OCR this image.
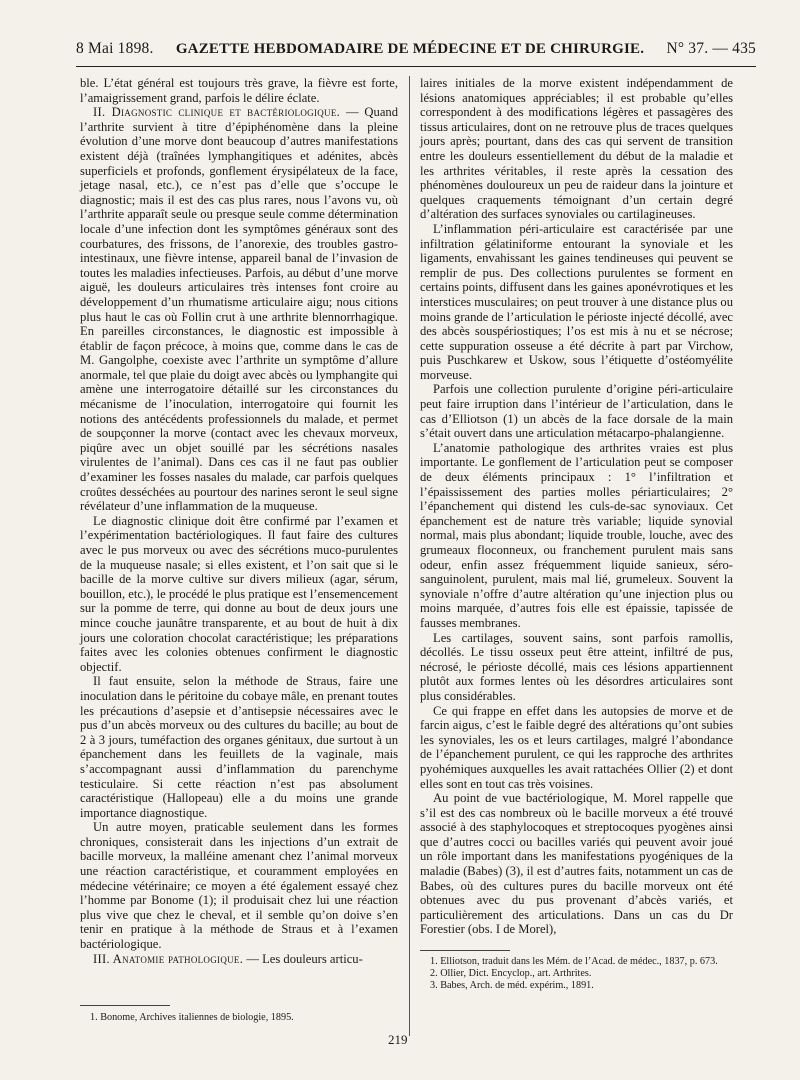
8 Mai 1898. GAZETTE HEBDOMADAIRE DE MÉDECINE ET DE CHIRURGIE. N° 37. — 435

ble. L’état général est toujours très grave, la fièvre est forte, l’amaigrissement grand, parfois le délire éclate.

II. Diagnostic clinique et bactériologique. — Quand l’arthrite survient à titre d’épiphénomène dans la pleine évolution d’une morve dont beaucoup d’autres manifestations existent déjà (traînées lymphangitiques et adénites, abcès superficiels et profonds, gonflement érysipélateux de la face, jetage nasal, etc.), ce n’est pas d’elle que s’occupe le diagnostic; mais il est des cas plus rares, nous l’avons vu, où l’arthrite apparaît seule ou presque seule comme détermination locale d’une infection dont les symptômes généraux sont des courbatures, des frissons, de l’anorexie, des troubles gastro-intestinaux, une fièvre intense, appareil banal de l’invasion de toutes les maladies infectieuses. Parfois, au début d’une morve aiguë, les douleurs articulaires très intenses font croire au développement d’un rhumatisme articulaire aigu; nous citions plus haut le cas où Follin crut à une arthrite blennorrhagique. En pareilles circonstances, le diagnostic est impossible à établir de façon précoce, à moins que, comme dans le cas de M. Gangolphe, coexiste avec l’arthrite un symptôme d’allure anormale, tel que plaie du doigt avec abcès ou lymphangite qui amène une interrogatoire détaillé sur les circonstances du mécanisme de l’inoculation, interrogatoire qui fournit les notions des antécédents professionnels du malade, et permet de soupçonner la morve (contact avec les chevaux morveux, piqûre avec un objet souillé par les sécrétions nasales virulentes de l’animal). Dans ces cas il ne faut pas oublier d’examiner les fosses nasales du malade, car parfois quelques croûtes desséchées au pourtour des narines seront le seul signe révélateur d’une inflammation de la muqueuse.

Le diagnostic clinique doit être confirmé par l’examen et l’expérimentation bactériologiques. Il faut faire des cultures avec le pus morveux ou avec des sécrétions muco-purulentes de la muqueuse nasale; si elles existent, et l’on sait que si le bacille de la morve cultive sur divers milieux (agar, sérum, bouillon, etc.), le procédé le plus pratique est l’ensemencement sur la pomme de terre, qui donne au bout de deux jours une mince couche jaunâtre transparente, et au bout de huit à dix jours une coloration chocolat caractéristique; les préparations faites avec les colonies obtenues confirment le diagnostic objectif.

Il faut ensuite, selon la méthode de Straus, faire une inoculation dans le péritoine du cobaye mâle, en prenant toutes les précautions d’asepsie et d’antisepsie nécessaires avec le pus d’un abcès morveux ou des cultures du bacille; au bout de 2 à 3 jours, tuméfaction des organes génitaux, due surtout à un épanchement dans les feuillets de la vaginale, mais s’accompagnant aussi d’inflammation du parenchyme testiculaire. Si cette réaction n’est pas absolument caractéristique (Hallopeau) elle a du moins une grande importance diagnostique.

Un autre moyen, praticable seulement dans les formes chroniques, consisterait dans les injections d’un extrait de bacille morveux, la malléine amenant chez l’animal morveux une réaction caractéristique, et couramment employées en médecine vétérinaire; ce moyen a été également essayé chez l’homme par Bonome (1); il produisait chez lui une réaction plus vive que chez le cheval, et il semble qu’on doive s’en tenir en pratique à la méthode de Straus et à l’examen bactériologique.

III. Anatomie pathologique. — Les douleurs articu-

laires initiales de la morve existent indépendamment de lésions anatomiques appréciables; il est probable qu’elles correspondent à des modifications légères et passagères des tissus articulaires, dont on ne retrouve plus de traces quelques jours après; pourtant, dans des cas qui servent de transition entre les douleurs essentiellement du début de la maladie et les arthrites véritables, il reste après la cessation des phénomènes douloureux un peu de raideur dans la jointure et quelques craquements témoignant d’un certain degré d’altération des surfaces synoviales ou cartilagineuses.

L’inflammation péri-articulaire est caractérisée par une infiltration gélatiniforme entourant la synoviale et les ligaments, envahissant les gaines tendineuses qui peuvent se remplir de pus. Des collections purulentes se forment en certains points, diffusent dans les gaines aponévrotiques et les interstices musculaires; on peut trouver à une distance plus ou moins grande de l’articulation le périoste injecté décollé, avec des abcès souspériostiques; l’os est mis à nu et se nécrose; cette suppuration osseuse a été décrite à part par Virchow, puis Puschkarew et Uskow, sous l’étiquette d’ostéomyélite morveuse.

Parfois une collection purulente d’origine péri-articulaire peut faire irruption dans l’intérieur de l’articulation, dans le cas d’Elliotson (1) un abcès de la face dorsale de la main s’était ouvert dans une articulation métacarpo-phalangienne.

L’anatomie pathologique des arthrites vraies est plus importante. Le gonflement de l’articulation peut se composer de deux éléments principaux : 1° l’infiltration et l’épaississement des parties molles périarticulaires; 2° l’épanchement qui distend les culs-de-sac synoviaux. Cet épanchement est de nature très variable; liquide synovial normal, mais plus abondant; liquide trouble, louche, avec des grumeaux floconneux, ou franchement purulent mais sans odeur, enfin assez fréquemment liquide sanieux, séro-sanguinolent, purulent, mais mal lié, grumeleux. Souvent la synoviale n’offre d’autre altération qu’une injection plus ou moins marquée, d’autres fois elle est épaissie, tapissée de fausses membranes.

Les cartilages, souvent sains, sont parfois ramollis, décollés. Le tissu osseux peut être atteint, infiltré de pus, nécrosé, le périoste décollé, mais ces lésions appartiennent plutôt aux formes lentes où les désordres articulaires sont plus considérables.

Ce qui frappe en effet dans les autopsies de morve et de farcin aigus, c’est le faible degré des altérations qu’ont subies les synoviales, les os et leurs cartilages, malgré l’abondance de l’épanchement purulent, ce qui les rapproche des arthrites pyohémiques auxquelles les avait rattachées Ollier (2) et dont elles sont en tout cas très voisines.

Au point de vue bactériologique, M. Morel rappelle que s’il est des cas nombreux où le bacille morveux a été trouvé associé à des staphylocoques et streptocoques pyogènes ainsi que d’autres cocci ou bacilles variés qui peuvent avoir joué un rôle important dans les manifestations pyogéniques de la maladie (Babes) (3), il est d’autres faits, notamment un cas de Babes, où des cultures pures du bacille morveux ont été obtenues avec du pus provenant d’abcès variés, et particulièrement des articulations. Dans un cas du Dr Forestier (obs. I de Morel),

1. Bonome, Archives italiennes de biologie, 1895.
1. Elliotson, traduit dans les Mém. de l’Acad. de médec., 1837, p. 673.
2. Ollier, Dict. Encyclop., art. Arthrites.
3. Babes, Arch. de méd. expérim., 1891.
219
